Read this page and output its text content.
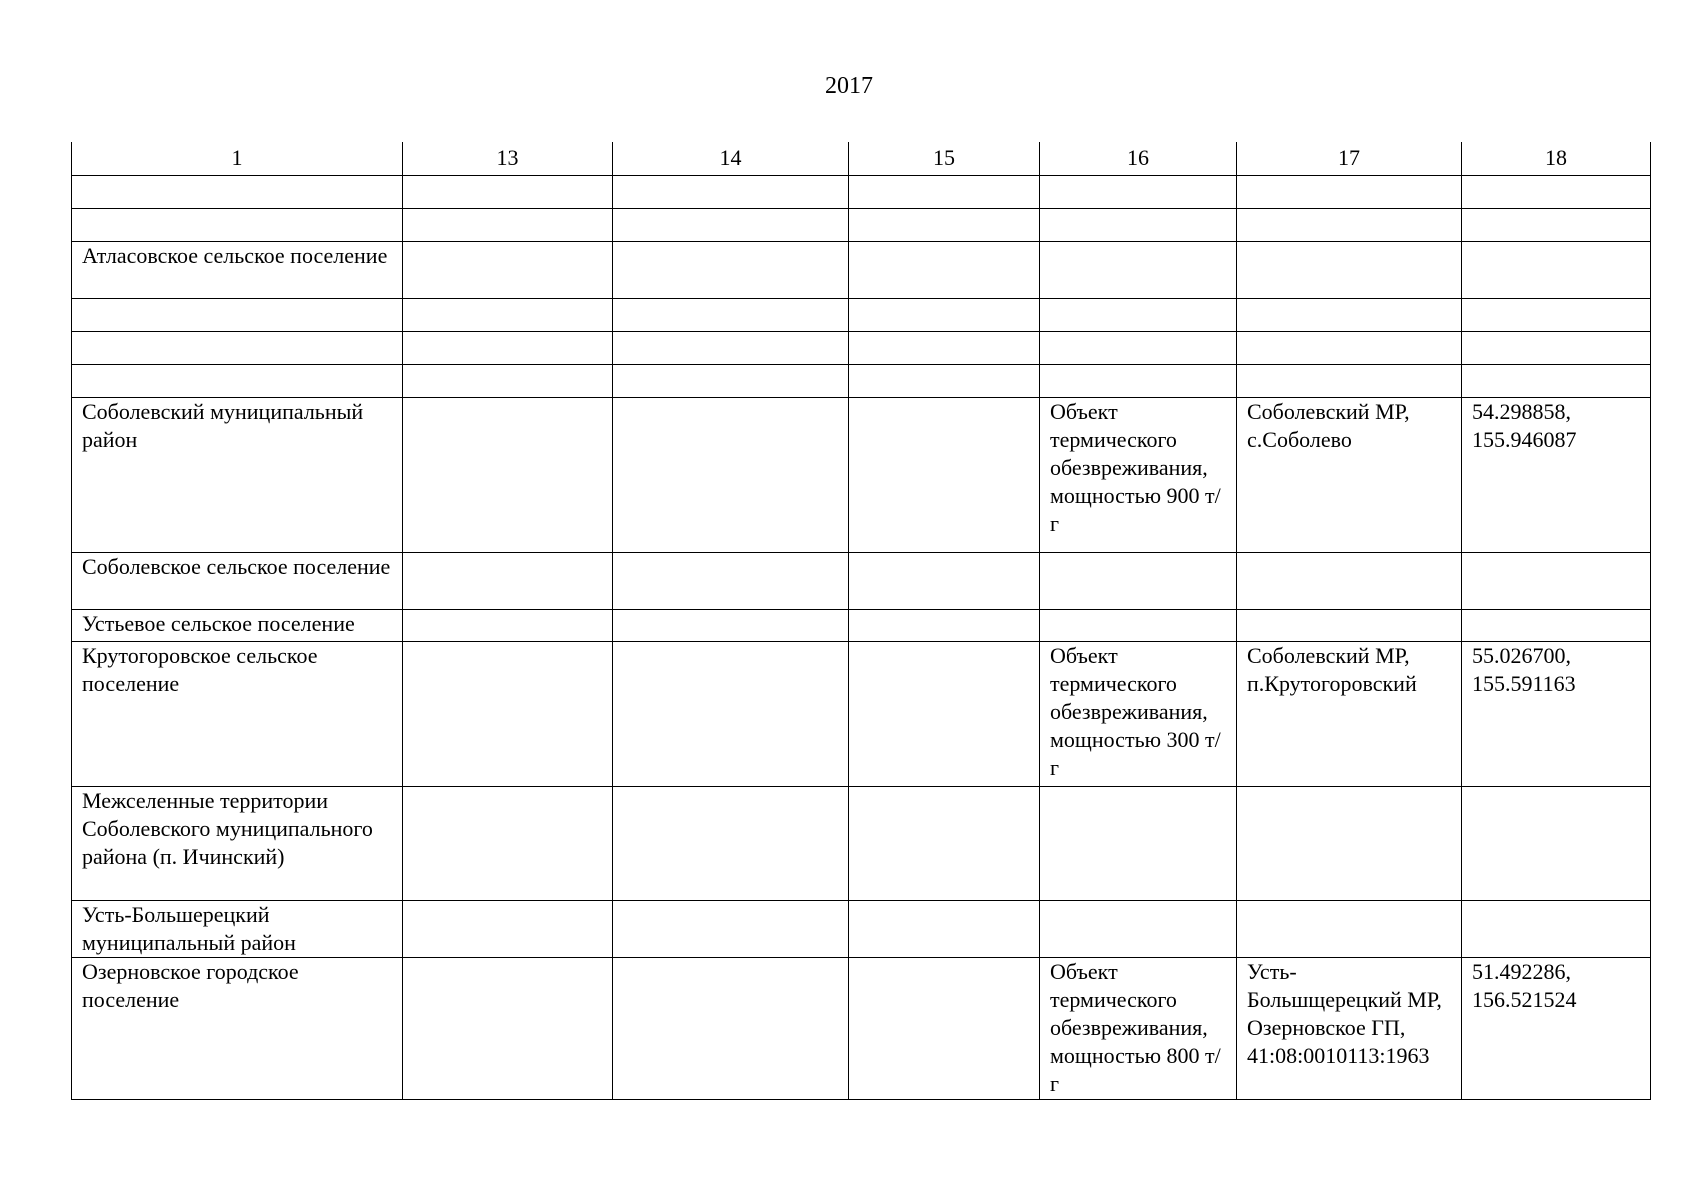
2017
1	13	14	15	16	17	18

Атласовское сельское поселение						

Соболевский муниципальный район				Объект термического обезвреживания, мощностью 900 т/г	Соболевский МР, с.Соболево	54.298858, 155.946087
Соболевское сельское поселение						
Устьевое сельское поселение						
Крутогоровское сельское поселение				Объект термического обезвреживания, мощностью 300 т/г	Соболевский МР, п.Крутогоровский	55.026700, 155.591163
Межселенные территории Соболевского муниципального района (п. Ичинский)						
Усть-Большерецкий муниципальный район						
Озерновское городское поселение				Объект термического обезвреживания, мощностью 800 т/г	Усть-Большщерецкий МР, Озерновское ГП, 41:08:0010113:1963	51.492286, 156.521524
